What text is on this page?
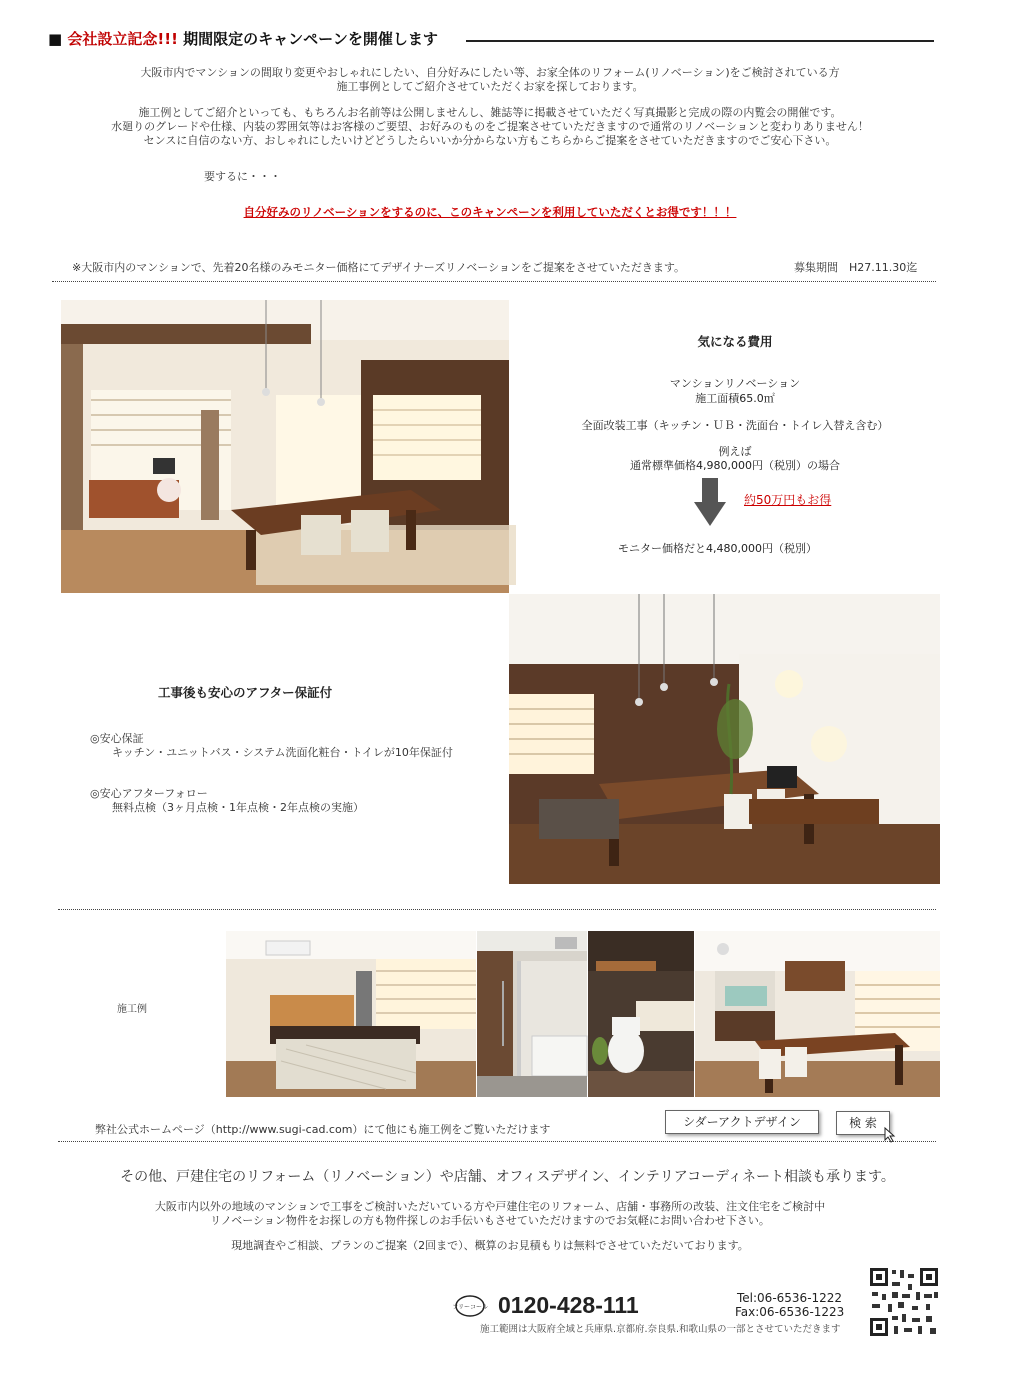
■ 会社設立記念!!! 期間限定のキャンペーンを開催します
大阪市内でマンションの間取り変更やおしゃれにしたい、自分好みにしたい等、お家全体のリフォーム(リノベーション)をご検討されている方
施工事例としてご紹介させていただくお家を探しております。
施工例としてご紹介といっても、もちろんお名前等は公開しませんし、雑誌等に掲載させていただく写真撮影と完成の際の内覧会の開催です。
水廻りのグレードや仕様、内装の雰囲気等はお客様のご要望、お好みのものをご提案させていただきますので通常のリノベーションと変わりありません！
センスに自信のない方、おしゃれにしたいけどどうしたらいいか分からない方もこちらからご提案をさせていただきますのでご安心下さい。
要するに・・・
自分好みのリノベーションをするのに、このキャンペーンを利用していただくとお得です！！！
※大阪市内のマンションで、先着20名様のみモニター価格にてデザイナーズリノベーションをご提案をさせていただきます。	募集期間　H27.11.30迄
気になる費用
マンションリノベーション
施工面積65.0㎡
全面改装工事（キッチン・ＵＢ・洗面台・トイレ入替え含む）
例えば
通常標準価格4,980,000円（税別）の場合
約50万円もお得
モニター価格だと4,480,000円（税別）
工事後も安心のアフター保証付
◎安心保証
キッチン・ユニットバス・システム洗面化粧台・トイレが10年保証付
◎安心アフターフォロー
無料点検（3ヶ月点検・1年点検・2年点検の実施）
施工例
弊社公式ホームページ（http://www.sugi-cad.com）にて他にも施工例をご覧いただけます
シダーアクトデザイン	検 索
その他、戸建住宅のリフォーム（リノベーション）や店舗、オフィスデザイン、インテリアコーディネート相談も承ります。
大阪市内以外の地域のマンションで工事をご検討いただいている方や戸建住宅のリフォーム、店舗・事務所の改装、注文住宅をご検討中
リノベーション物件をお探しの方も物件探しのお手伝いもさせていただけますのでお気軽にお問い合わせ下さい。
現地調査やご相談、プランのご提案（2回まで）、概算のお見積もりは無料でさせていただいております。
フリーコール 0120-428-111	Tel:06-6536-1222
Fax:06-6536-1223
施工範囲は大阪府全域と兵庫県.京都府.奈良県.和歌山県の一部とさせていただきます
